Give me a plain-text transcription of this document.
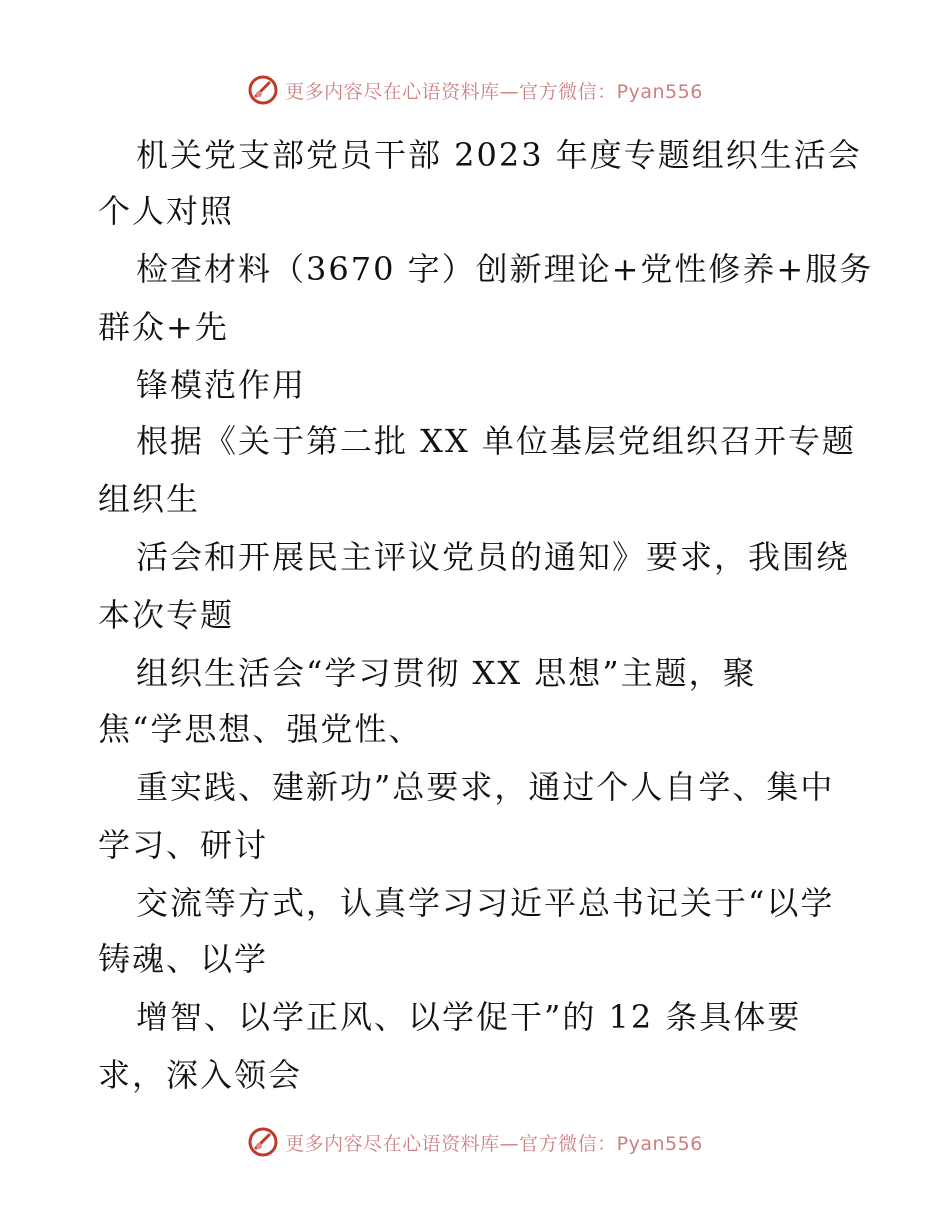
更多内容尽在心语资料库—官方微信：Pyan556
机关党支部党员干部 2023 年度专题组织生活会
个人对照
检查材料（3670 字）创新理论+党性修养+服务
群众+先
锋模范作用
根据《关于第二批 XX 单位基层党组织召开专题
组织生
活会和开展民主评议党员的通知》要求，我围绕
本次专题
组织生活会“学习贯彻 XX 思想”主题，聚
焦“学思想、强党性、
重实践、建新功”总要求，通过个人自学、集中
学习、研讨
交流等方式，认真学习习近平总书记关于“以学
铸魂、以学
增智、以学正风、以学促干”的 12 条具体要
求，深入领会
更多内容尽在心语资料库—官方微信：Pyan556
